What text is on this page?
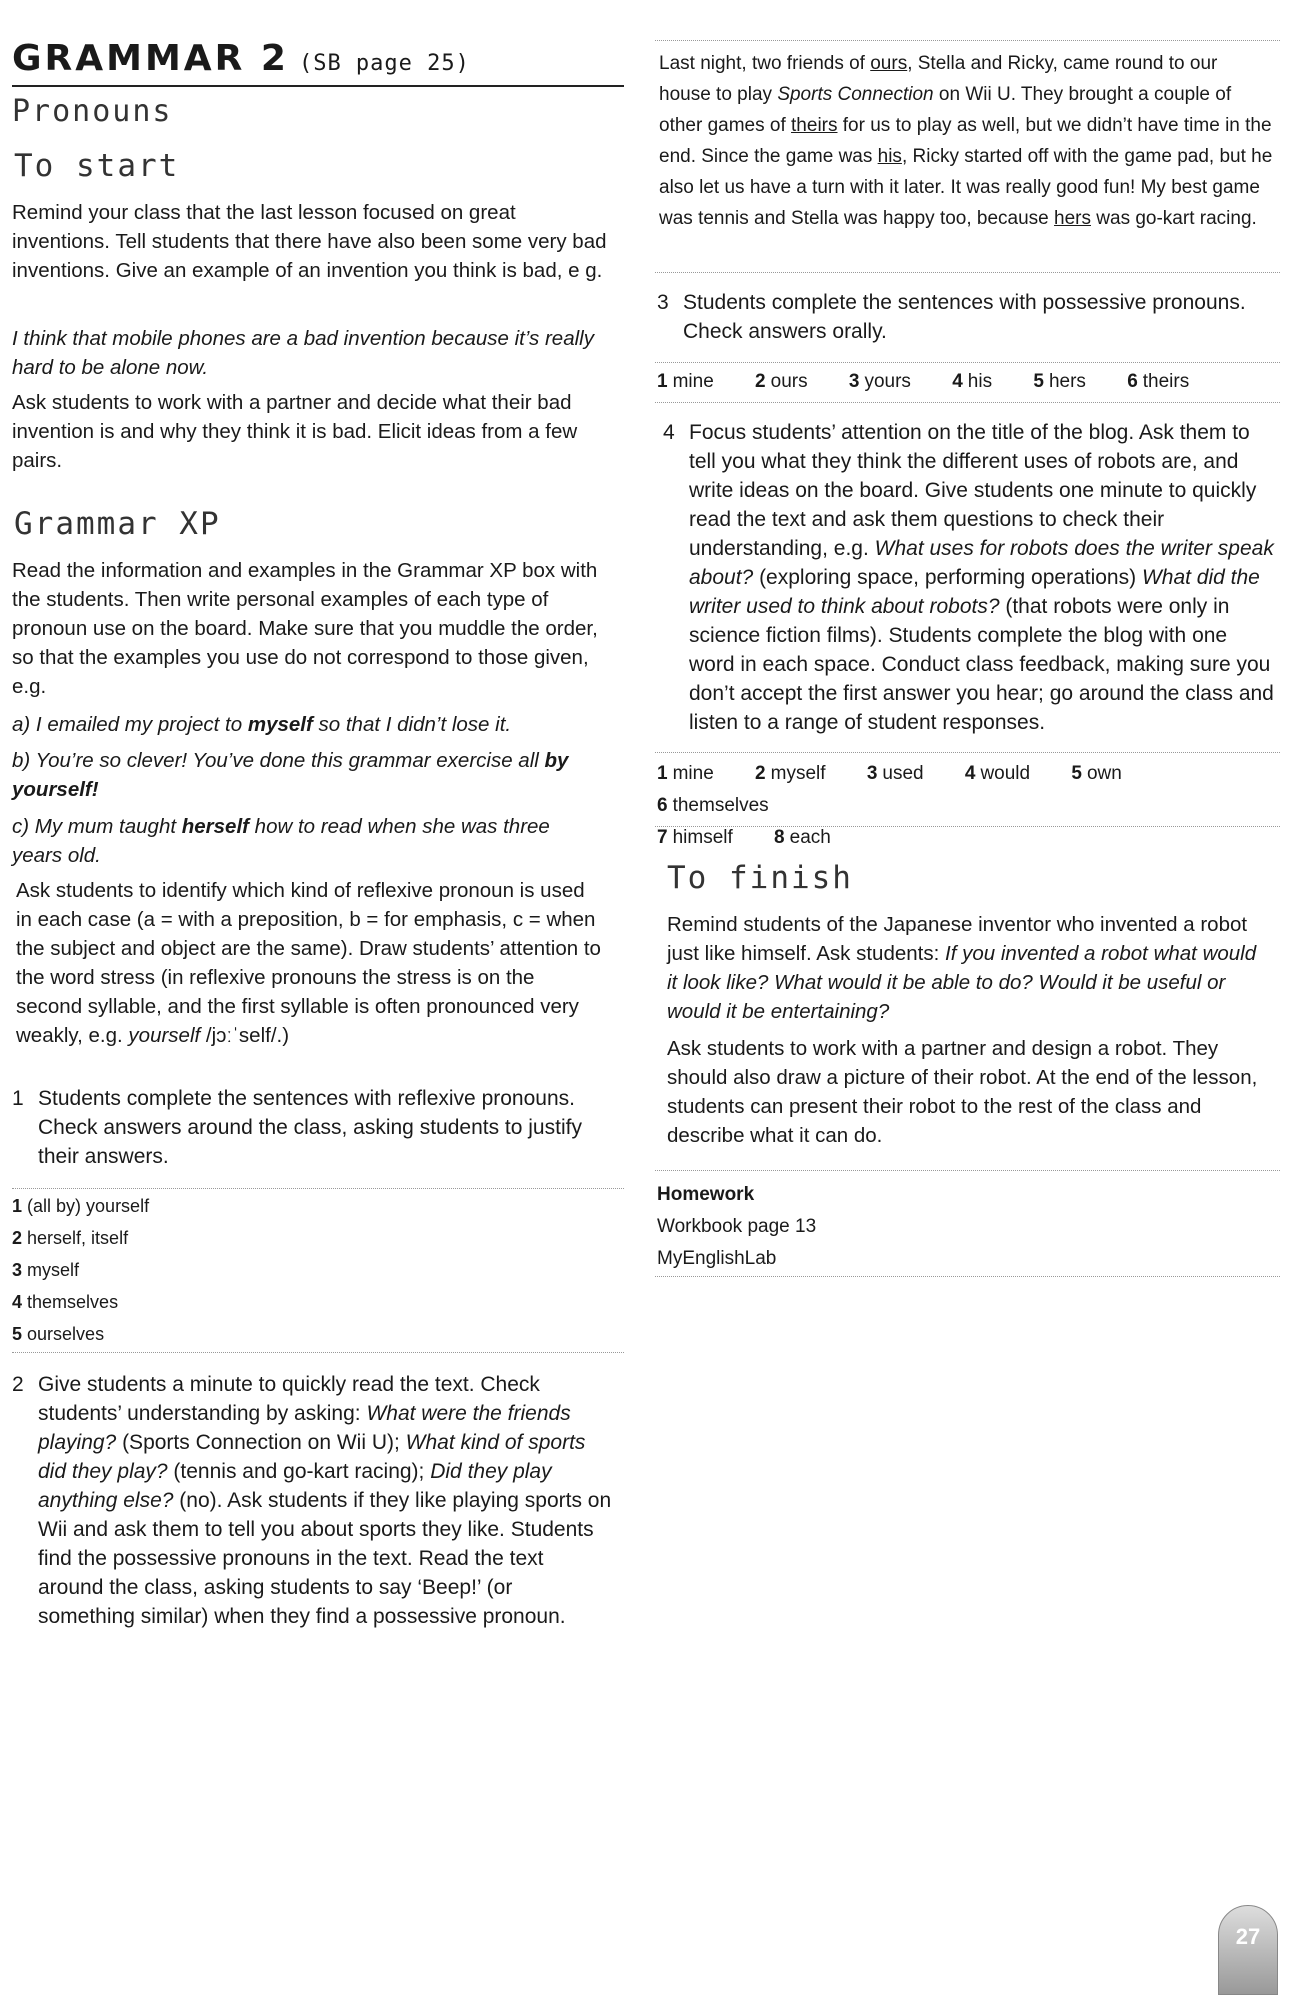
GRAMMAR 2 (SB page 25)
Pronouns
To start
Remind your class that the last lesson focused on great inventions. Tell students that there have also been some very bad inventions. Give an example of an invention you think is bad, e g.
I think that mobile phones are a bad invention because it’s really hard to be alone now.
Ask students to work with a partner and decide what their bad invention is and why they think it is bad. Elicit ideas from a few pairs.
Grammar XP
Read the information and examples in the Grammar XP box with the students. Then write personal examples of each type of pronoun use on the board. Make sure that you muddle the order, so that the examples you use do not correspond to those given, e.g.
a) I emailed my project to myself so that I didn’t lose it.
b) You’re so clever! You’ve done this grammar exercise all by yourself!
c) My mum taught herself how to read when she was three years old.
Ask students to identify which kind of reflexive pronoun is used in each case (a = with a preposition, b = for emphasis, c = when the subject and object are the same). Draw students’ attention to the word stress (in reflexive pronouns the stress is on the second syllable, and the first syllable is often pronounced very weakly, e.g. yourself /jɔːˈself/.)
1 Students complete the sentences with reflexive pronouns. Check answers around the class, asking students to justify their answers.
1 (all by) yourself
2 herself, itself
3 myself
4 themselves
5 ourselves
2 Give students a minute to quickly read the text. Check students’ understanding by asking: What were the friends playing? (Sports Connection on Wii U); What kind of sports did they play? (tennis and go-kart racing); Did they play anything else? (no). Ask students if they like playing sports on Wii and ask them to tell you about sports they like. Students find the possessive pronouns in the text. Read the text around the class, asking students to say ‘Beep!’ (or something similar) when they find a possessive pronoun.
Last night, two friends of ours, Stella and Ricky, came round to our house to play Sports Connection on Wii U. They brought a couple of other games of theirs for us to play as well, but we didn’t have time in the end. Since the game was his, Ricky started off with the game pad, but he also let us have a turn with it later. It was really good fun! My best game was tennis and Stella was happy too, because hers was go-kart racing.
3 Students complete the sentences with possessive pronouns. Check answers orally.
1 mine 2 ours 3 yours 4 his 5 hers 6 theirs
4 Focus students’ attention on the title of the blog. Ask them to tell you what they think the different uses of robots are, and write ideas on the board. Give students one minute to quickly read the text and ask them questions to check their understanding, e.g. What uses for robots does the writer speak about? (exploring space, performing operations) What did the writer used to think about robots? (that robots were only in science fiction films). Students complete the blog with one word in each space. Conduct class feedback, making sure you don’t accept the first answer you hear; go around the class and listen to a range of student responses.
1 mine 2 myself 3 used 4 would 5 own 6 themselves
7 himself 8 each
To finish
Remind students of the Japanese inventor who invented a robot just like himself. Ask students: If you invented a robot what would it look like? What would it be able to do? Would it be useful or would it be entertaining?
Ask students to work with a partner and design a robot. They should also draw a picture of their robot. At the end of the lesson, students can present their robot to the rest of the class and describe what it can do.
Homework
Workbook page 13
MyEnglishLab
27
